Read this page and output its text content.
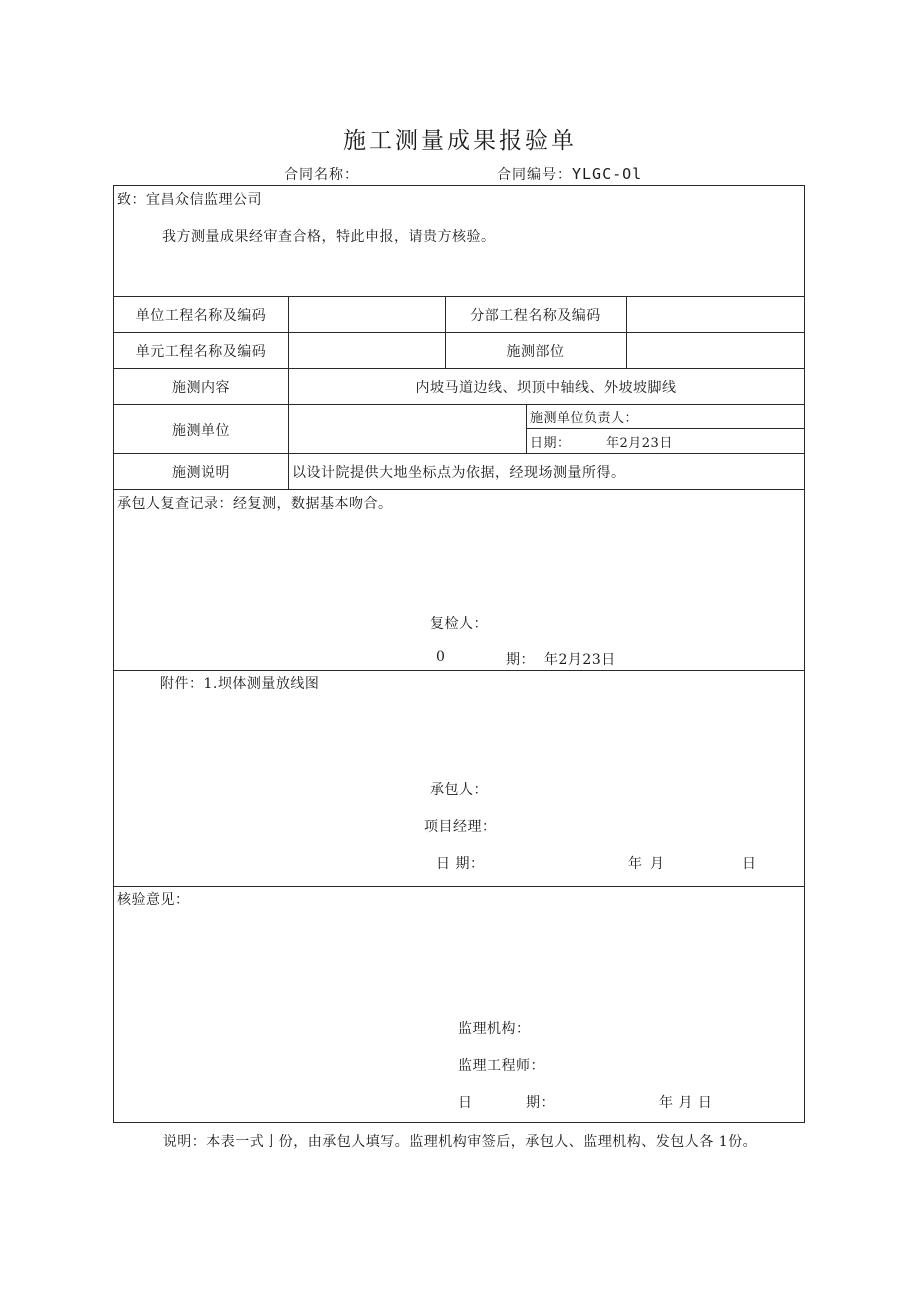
施工测量成果报验单
合同名称：	合同编号：YLGC-Ol
致：宜昌众信监理公司
我方测量成果经审查合格，特此申报，请贵方核验。
单位工程名称及编码	分部工程名称及编码
单元工程名称及编码	施测部位
施测内容	内坡马道边线、坝顶中轴线、外坡坡脚线
施测单位
施测单位负责人：
日期：	年2月23日
施测说明	以设计院提供大地坐标点为依据，经现场测量所得。
承包人复查记录：经复测，数据基本吻合。
复检人：
0	期： 年2月23日
附件：1.坝体测量放线图
承包人：
项目经理：
日 期：	年 月	日
核验意见：
监理机构：
监理工程师：
日	期：	年 月 日
说明：本表一式亅份，由承包人填写。监理机构审签后，承包人、监理机构、发包人各 1份。
